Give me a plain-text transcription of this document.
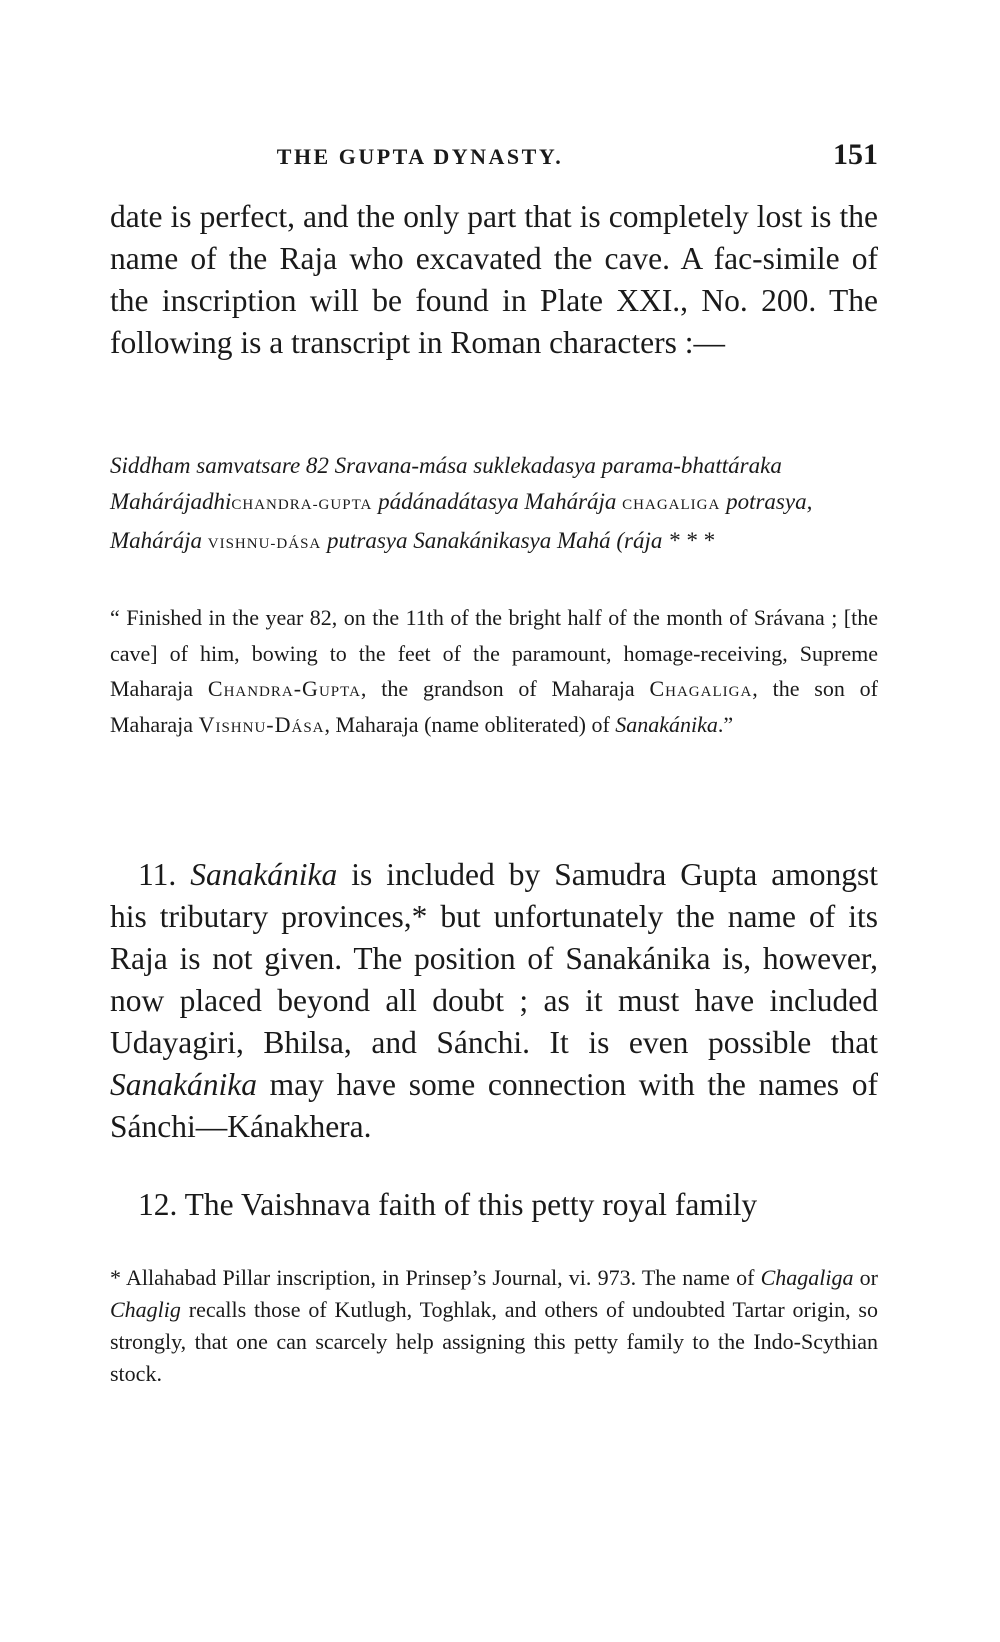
THE GUPTA DYNASTY.	151

date is perfect, and the only part that is completely lost is the name of the Raja who excavated the cave. A fac-simile of the inscription will be found in Plate XXI., No. 200. The following is a transcript in Roman characters :—

Siddham samvatsare 82 Sravana-mása suklekadasya parama-bhattáraka MahárájadhiCHANDRA-GUPTA pádánadátasya Mahárája CHAGALIGA potrasya, Mahárája VISHNU-DÁSA putrasya Sanakánikasya Mahá (rája * * *

“ Finished in the year 82, on the 11th of the bright half of the month of Srávana ; [the cave] of him, bowing to the feet of the paramount, homage-receiving, Supreme Maharaja Chandra-Gupta, the grandson of Maharaja Chagaliga, the son of Maharaja Vishnu-Dása, Maharaja (name obliterated) of Sanakánika.”

11. Sanakánika is included by Samudra Gupta amongst his tributary provinces,* but unfortunately the name of its Raja is not given. The position of Sanakánika is, however, now placed beyond all doubt ; as it must have included Udayagiri, Bhilsa, and Sánchi. It is even possible that Sanakánika may have some connection with the names of Sánchi—Kánakhera.

12. The Vaishnava faith of this petty royal family

* Allahabad Pillar inscription, in Prinsep’s Journal, vi. 973. The name of Chagaliga or Chaglig recalls those of Kutlugh, Toghlak, and others of undoubted Tartar origin, so strongly, that one can scarcely help assigning this petty family to the Indo-Scythian stock.
